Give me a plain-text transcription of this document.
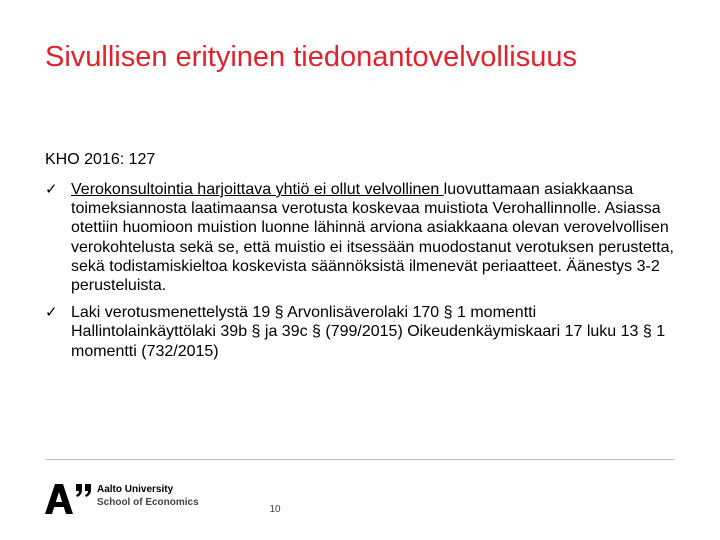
Sivullisen erityinen tiedonantovelvollisuus

KHO 2016: 127

✓ Verokonsultointia harjoittava yhtiö ei ollut velvollinen luovuttamaan asiakkaansa toimeksiannosta laatimaansa verotusta koskevaa muistiota Verohallinnolle. Asiassa otettiin huomioon muistion luonne lähinnä arviona asiakkaana olevan verovelvollisen verokohtelusta sekä se, että muistio ei itsessään muodostanut verotuksen perustetta, sekä todistamiskieltoa koskevista säännöksistä ilmenevät periaatteet. Äänestys 3-2 perusteluista.
✓ Laki verotusmenettelystä 19 § Arvonlisäverolaki 170 § 1 momentti Hallintolainkäyttölaki 39b § ja 39c § (799/2015) Oikeudenkäymiskaari 17 luku 13 § 1 momentti (732/2015)
Aalto University
School of Economics
10
